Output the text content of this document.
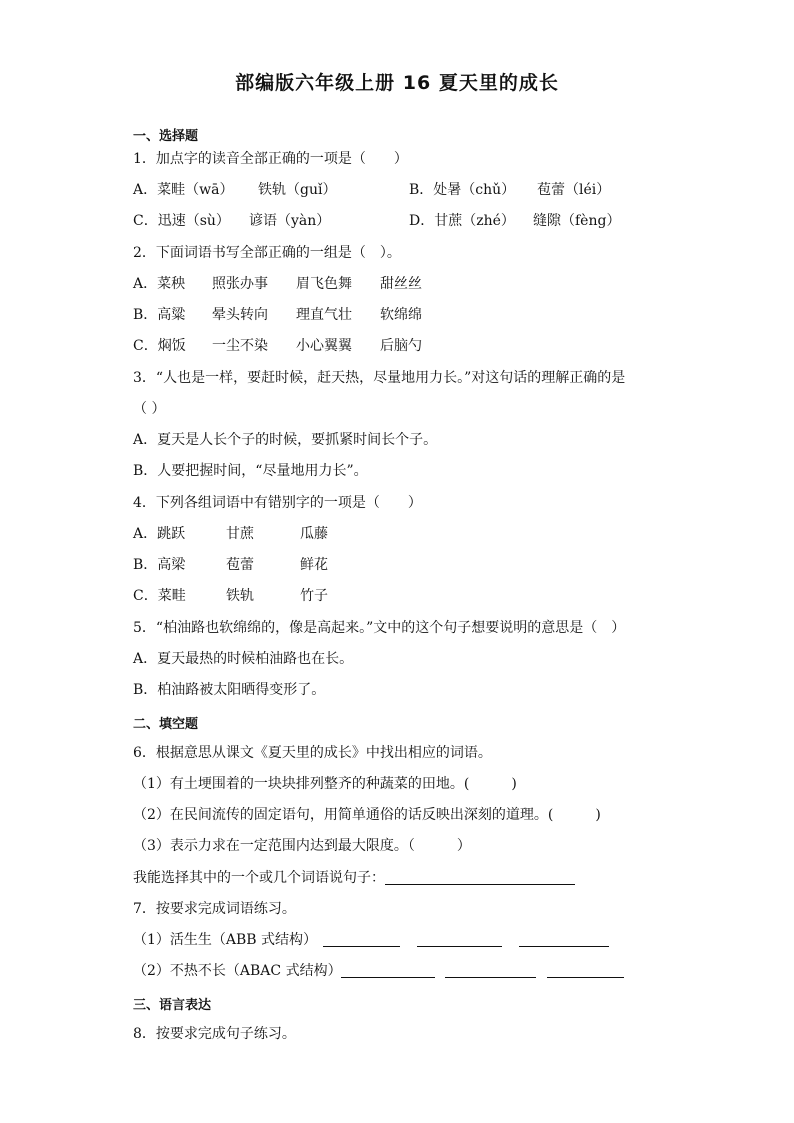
部编版六年级上册 16 夏天里的成长
一、选择题
1．加点字的读音全部正确的一项是（　　）
A．菜畦（wā） 铁轨（guǐ）	B．处暑（chǔ） 苞蕾（léi）
C．迅速（sù） 谚语（yàn）	D．甘蔗（zhé） 缝隙（fèng）
2．下面词语书写全部正确的一组是（　）。
A．菜秧 照张办事 眉飞色舞 甜丝丝
B．高粱 晕头转向 理直气壮 软绵绵
C．焖饭 一尘不染 小心翼翼 后脑勺
3．“人也是一样，要赶时候，赶天热，尽量地用力长。”对这句话的理解正确的是
（ ）
A．夏天是人长个子的时候，要抓紧时间长个子。
B．人要把握时间，“尽量地用力长”。
4．下列各组词语中有错别字的一项是（　　）
A．跳跃	甘蔗	瓜藤
B．高梁	苞蕾	鲜花
C．菜畦	铁轨	竹子
5．“柏油路也软绵绵的，像是高起来。”文中的这个句子想要说明的意思是（　）
A．夏天最热的时候柏油路也在长。
B．柏油路被太阳晒得变形了。
二、填空题
6．根据意思从课文《夏天里的成长》中找出相应的词语。
（1）有土埂围着的一块块排列整齐的种蔬菜的田地。(　　　)
（2）在民间流传的固定语句，用简单通俗的话反映出深刻的道理。(　　　)
（3）表示力求在一定范围内达到最大限度。（　　　）
我能选择其中的一个或几个词语说句子：
7．按要求完成词语练习。
（1）活生生（ABB 式结构）
（2）不热不长（ABAC 式结构）
三、语言表达
8．按要求完成句子练习。
